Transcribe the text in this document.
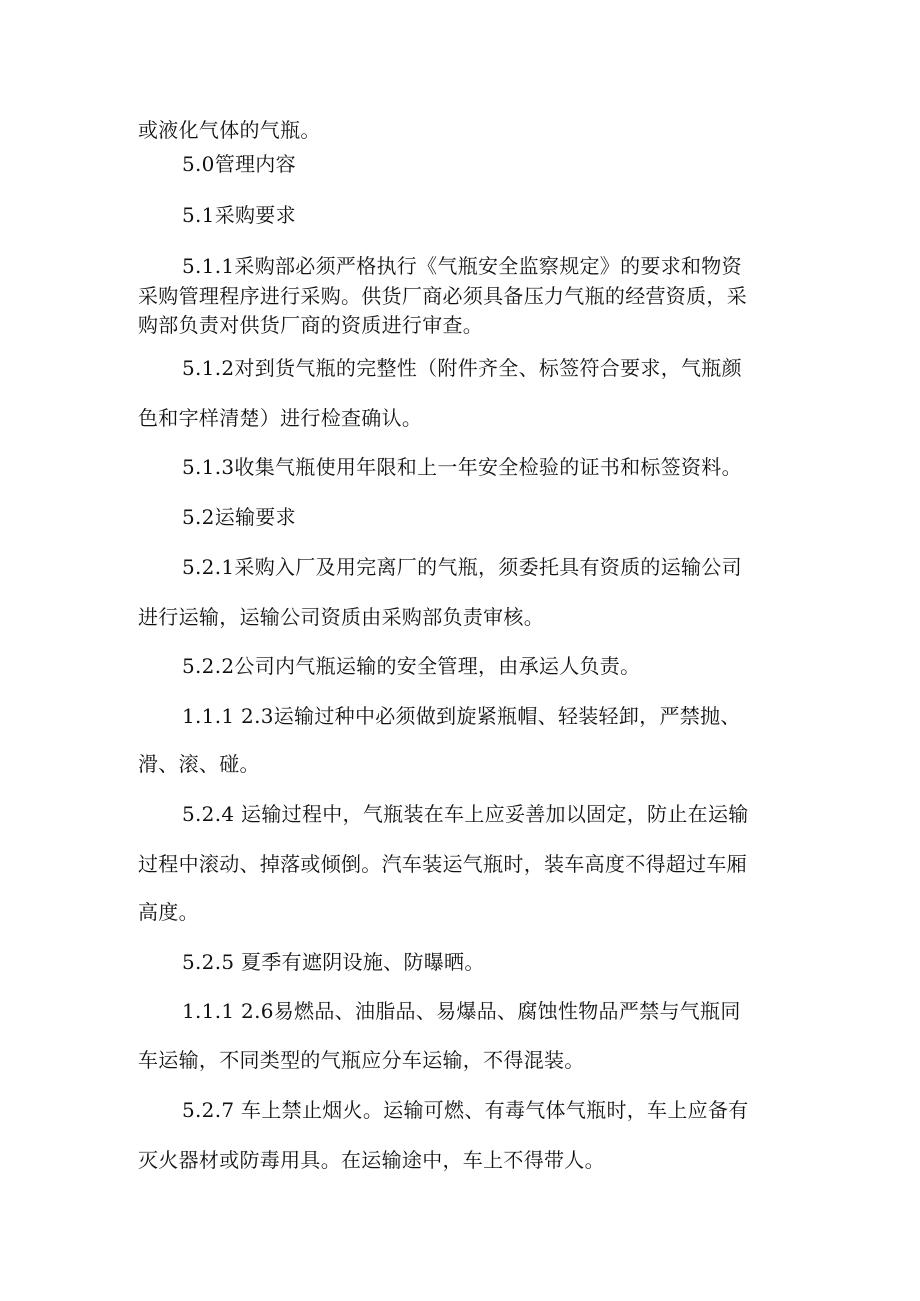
或液化气体的气瓶。
5.0管理内容
5.1采购要求
5.1.1采购部必须严格执行《气瓶安全监察规定》的要求和物资
采购管理程序进行采购。供货厂商必须具备压力气瓶的经营资质，采
购部负责对供货厂商的资质进行审查。
5.1.2对到货气瓶的完整性（附件齐全、标签符合要求，气瓶颜
色和字样清楚）进行检查确认。
5.1.3收集气瓶使用年限和上一年安全检验的证书和标签资料。
5.2运输要求
5.2.1采购入厂及用完离厂的气瓶，须委托具有资质的运输公司
进行运输，运输公司资质由采购部负责审核。
5.2.2公司内气瓶运输的安全管理，由承运人负责。
1.1.1 2.3运输过种中必须做到旋紧瓶帽、轻装轻卸，严禁抛、
滑、滚、碰。
5.2.4 运输过程中，气瓶装在车上应妥善加以固定，防止在运输
过程中滚动、掉落或倾倒。汽车装运气瓶时，装车高度不得超过车厢
高度。
5.2.5 夏季有遮阴设施、防曝晒。
1.1.1 2.6易燃品、油脂品、易爆品、腐蚀性物品严禁与气瓶同
车运输，不同类型的气瓶应分车运输，不得混装。
5.2.7 车上禁止烟火。运输可燃、有毒气体气瓶时，车上应备有
灭火器材或防毒用具。在运输途中，车上不得带人。
